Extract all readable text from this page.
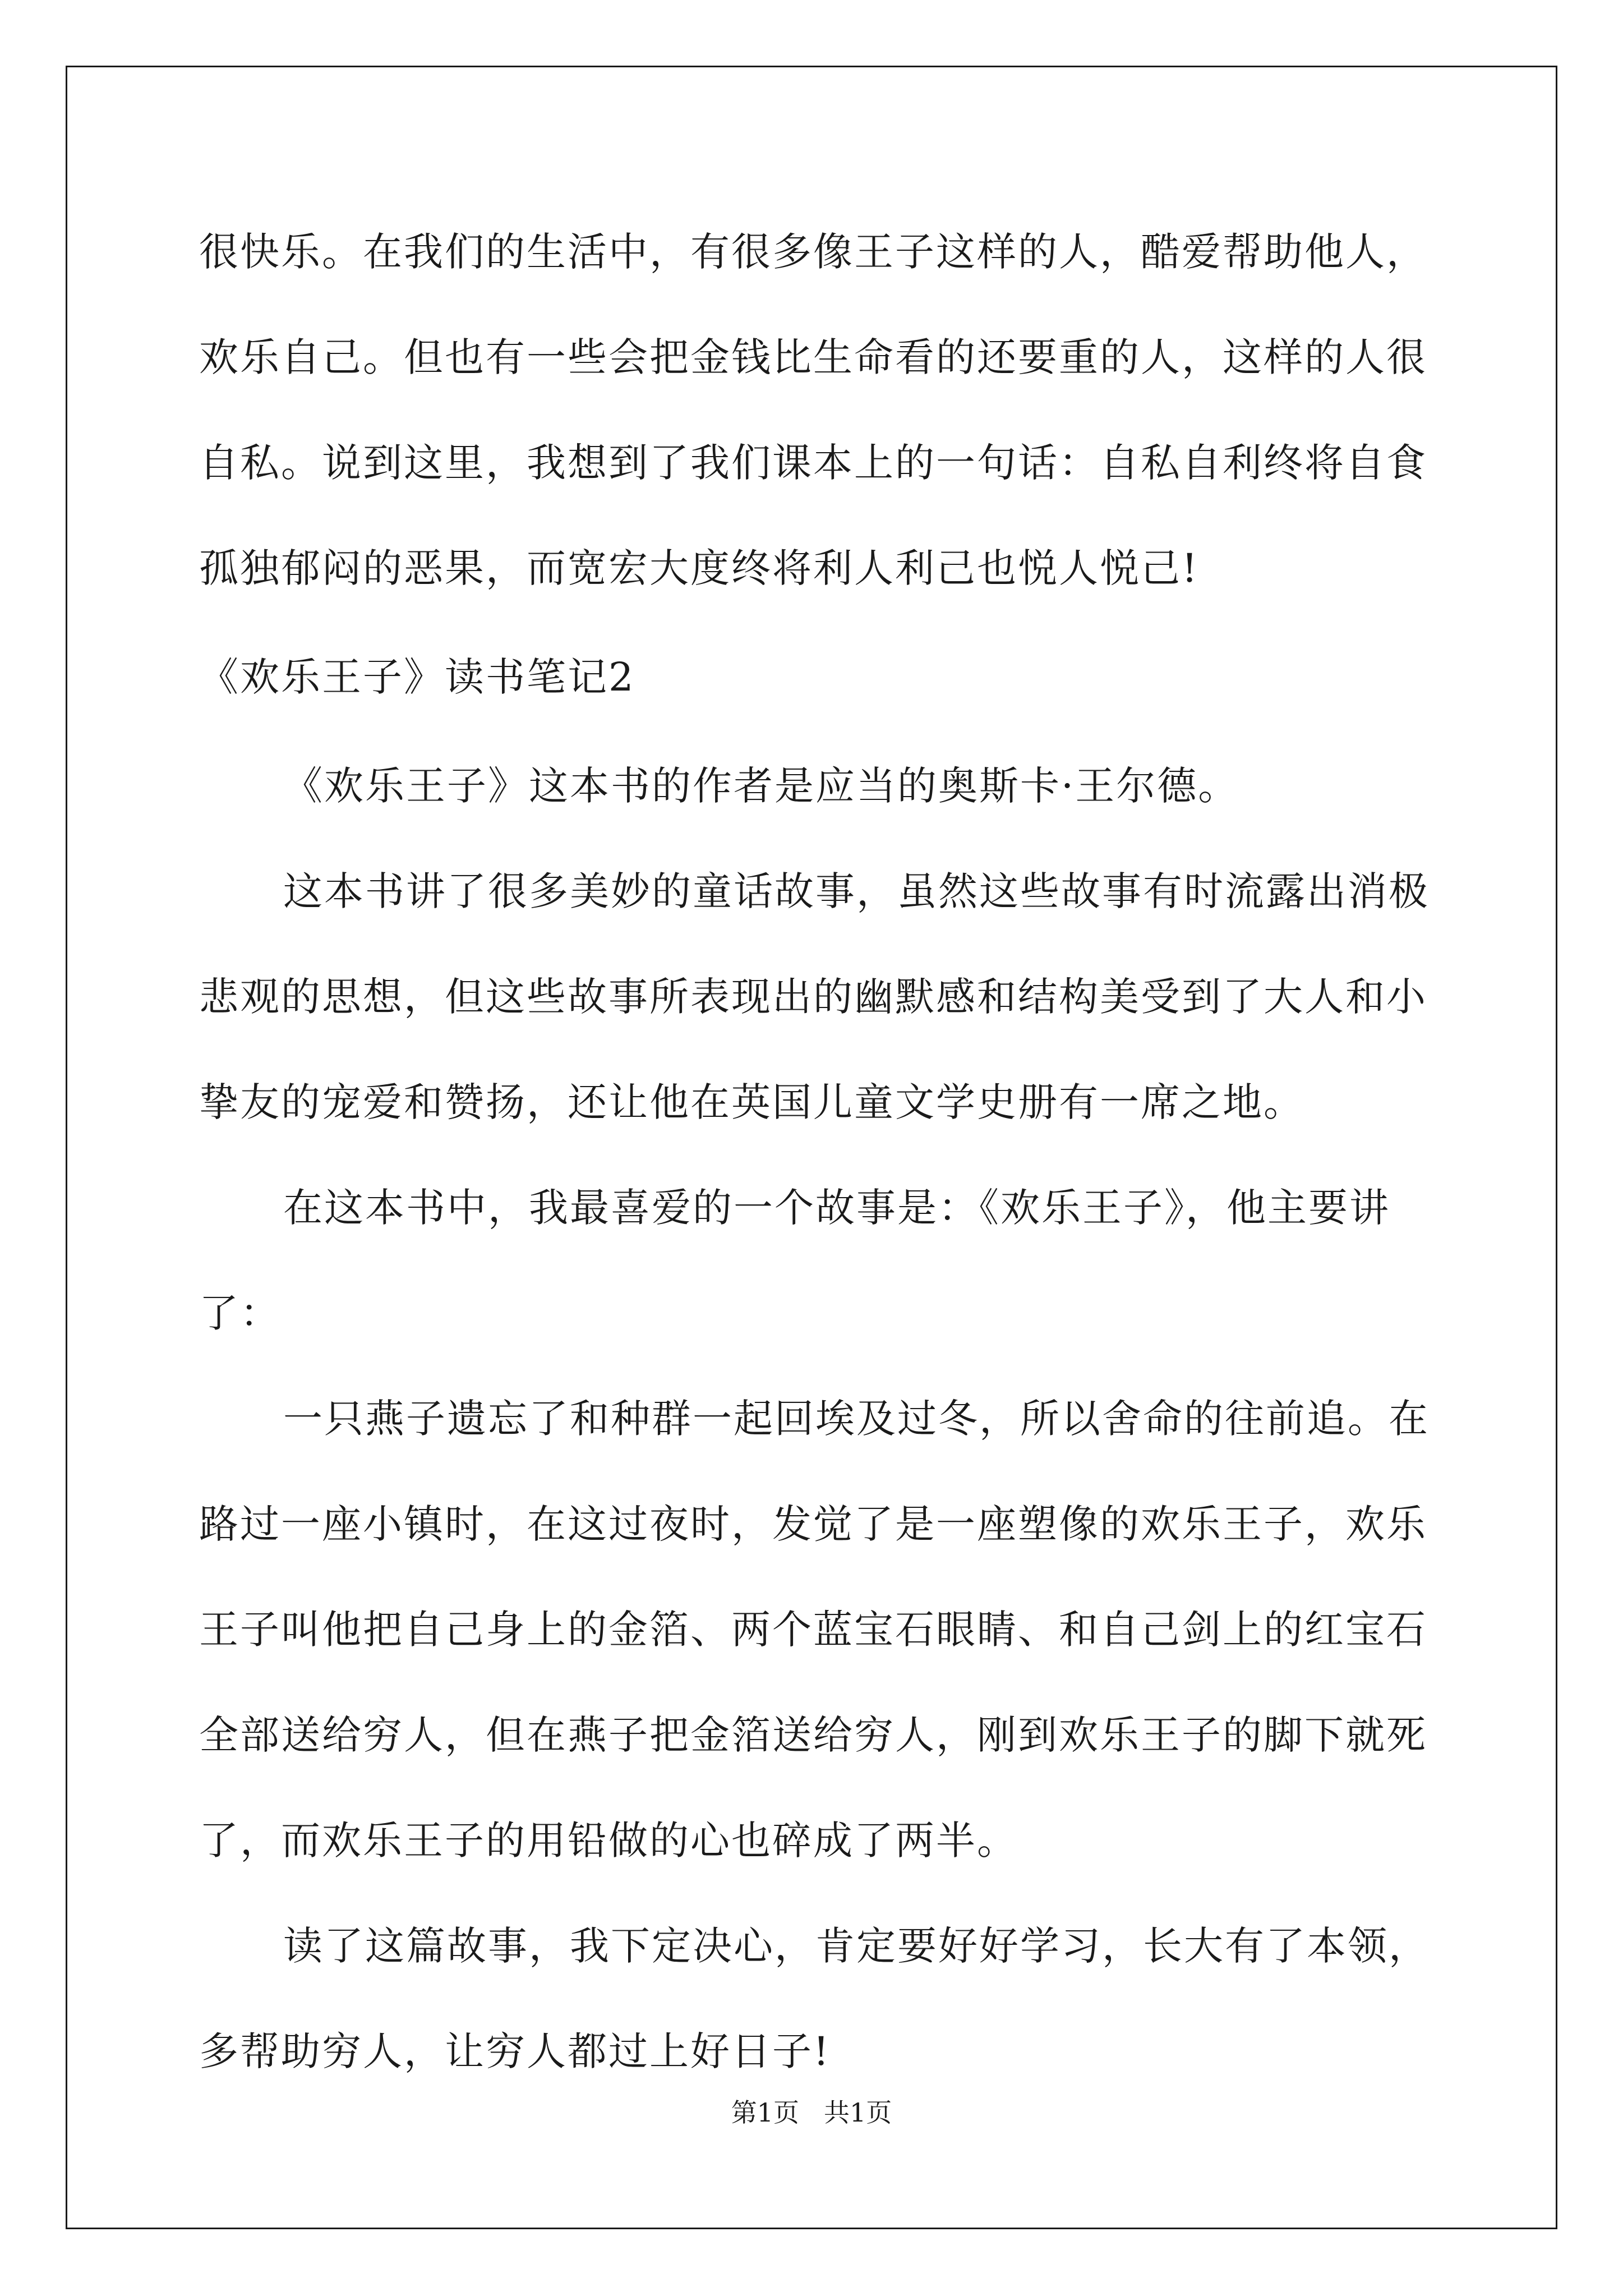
很快乐。在我们的生活中，有很多像王子这样的人，酷爱帮助他人，欢乐自己。但也有一些会把金钱比生命看的还要重的人，这样的人很自私。说到这里，我想到了我们课本上的一句话：自私自利终将自食孤独郁闷的恶果，而宽宏大度终将利人利己也悦人悦己!

《欢乐王子》读书笔记2

《欢乐王子》这本书的作者是应当的奥斯卡·王尔德。

这本书讲了很多美妙的童话故事，虽然这些故事有时流露出消极悲观的思想，但这些故事所表现出的幽默感和结构美受到了大人和小挚友的宠爱和赞扬，还让他在英国儿童文学史册有一席之地。

在这本书中，我最喜爱的一个故事是：《欢乐王子》，他主要讲了：

一只燕子遗忘了和种群一起回埃及过冬，所以舍命的往前追。在路过一座小镇时，在这过夜时，发觉了是一座塑像的欢乐王子，欢乐王子叫他把自己身上的金箔、两个蓝宝石眼睛、和自己剑上的红宝石全部送给穷人，但在燕子把金箔送给穷人，刚到欢乐王子的脚下就死了，而欢乐王子的用铅做的心也碎成了两半。

读了这篇故事，我下定决心，肯定要好好学习，长大有了本领，多帮助穷人，让穷人都过上好日子!

第1页 共1页
